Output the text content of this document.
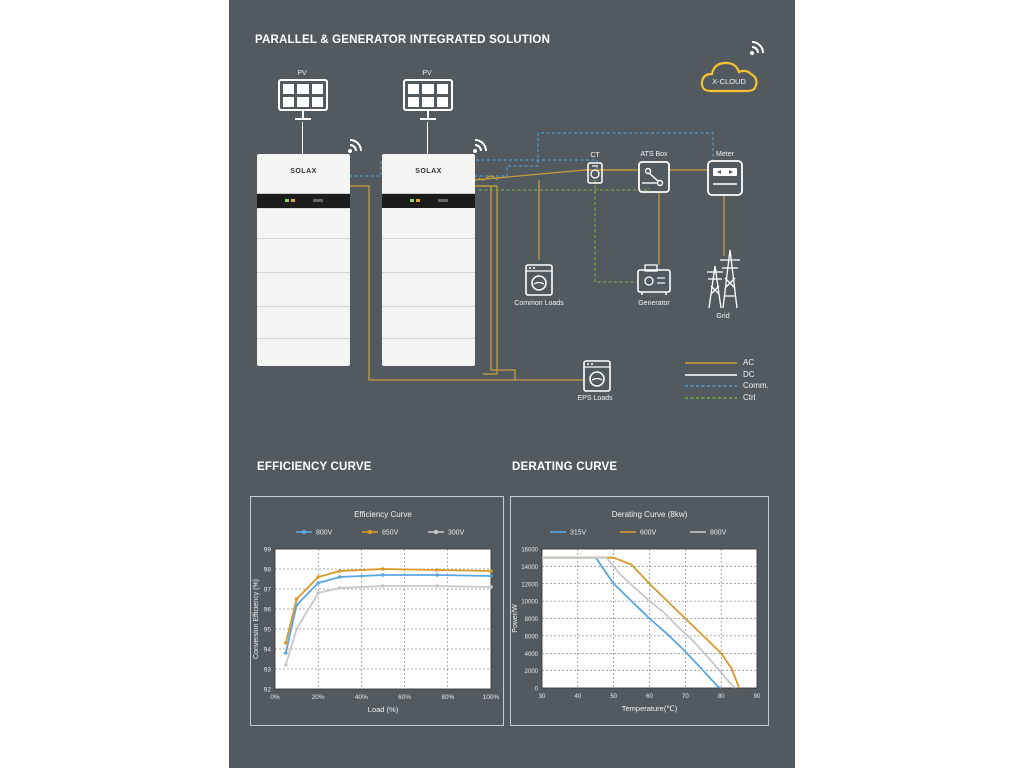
PARALLEL & GENERATOR INTEGRATED SOLUTION
PV	PV
SOLAX	SOLAX
X-CLOUD
CT	ATS Box	Meter
Common Loads	Generator
Grid
EPS Loads
AC
DC
Comm.
Ctrl
EFFICIENCY CURVE	DERATING CURVE
Efficiency Curve
800V	650V	300V
0%	20%	40%	60%	80%	100%
92
93
94
95
96
97
98
99
Load (%)
Conversion Efficiency (%)
Derating Curve (8kw)
315V	600V	800V
30	40	50	60	70	80	90
0
2000
4000
6000
8000
10000
12000
14000
16000
Temperature(℃)
Power/W
